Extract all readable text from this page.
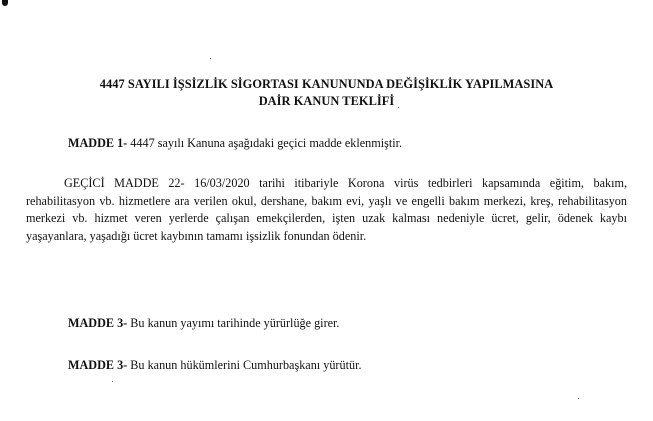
4447 SAYILI İŞSİZLİK SİGORTASI KANUNUNDA DEĞİŞİKLİK YAPILMASINA
DAİR KANUN TEKLİFİ
MADDE 1- 4447 sayılı Kanuna aşağıdaki geçici madde eklenmiştir.
GEÇİCİ MADDE 22- 16/03/2020 tarihi itibariyle Korona virüs tedbirleri kapsamında eğitim, bakım, rehabilitasyon vb. hizmetlere ara verilen okul, dershane, bakım evi, yaşlı ve engelli bakım merkezi, kreş, rehabilitasyon merkezi vb. hizmet veren yerlerde çalışan emekçilerden, işten uzak kalması nedeniyle ücret, gelir, ödenek kaybı yaşayanlara, yaşadığı ücret kaybının tamamı işsizlik fonundan ödenir.
MADDE 3- Bu kanun yayımı tarihinde yürürlüğe girer.
MADDE 3- Bu kanun hükümlerini Cumhurbaşkanı yürütür.
